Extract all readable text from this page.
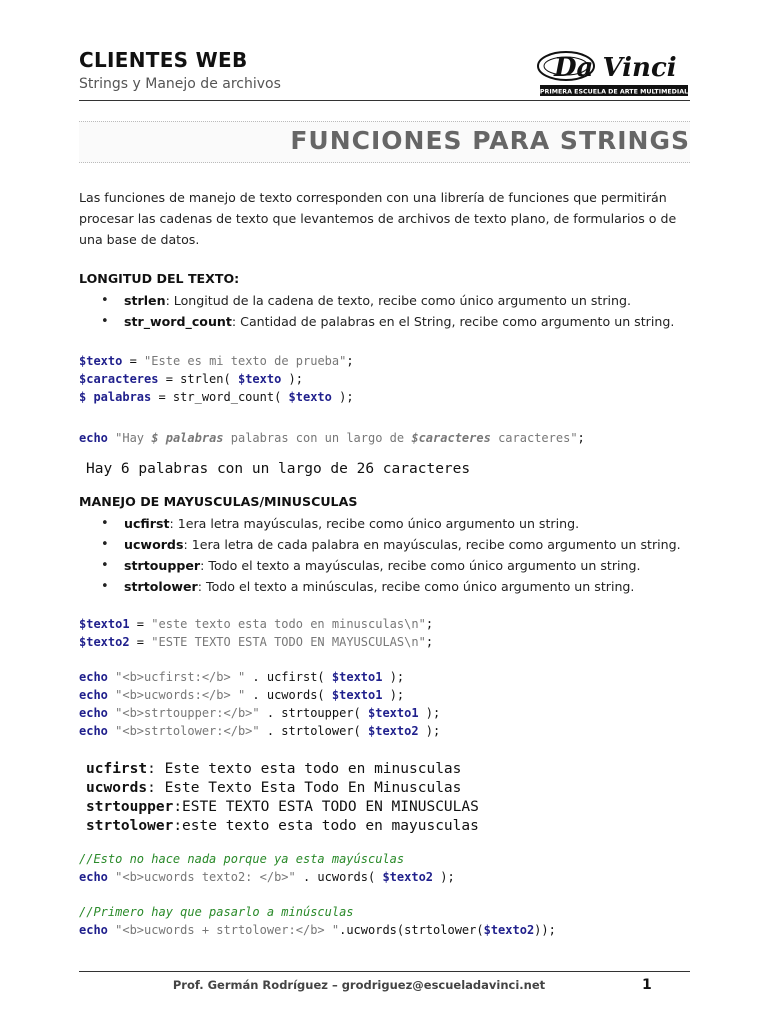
CLIENTES WEB
Strings y Manejo de archivos
Da Vinci
PRIMERA ESCUELA DE ARTE MULTIMEDIAL
FUNCIONES PARA STRINGS
Las funciones de manejo de texto corresponden con una librería de funciones que permitirán
procesar las cadenas de texto que levantemos de archivos de texto plano, de formularios o de
una base de datos.
LONGITUD DEL TEXTO:
• strlen: Longitud de la cadena de texto, recibe como único argumento un string.
• str_word_count: Cantidad de palabras en el String, recibe como argumento un string.
$texto = "Este es mi texto de prueba";
$caracteres = strlen( $texto );
$ palabras = str_word_count( $texto );
echo "Hay $ palabras palabras con un largo de $caracteres caracteres";
Hay 6 palabras con un largo de 26 caracteres
MANEJO DE MAYUSCULAS/MINUSCULAS
• ucfirst: 1era letra mayúsculas, recibe como único argumento un string.
• ucwords: 1era letra de cada palabra en mayúsculas, recibe como argumento un string.
• strtoupper: Todo el texto a mayúsculas, recibe como único argumento un string.
• strtolower: Todo el texto a minúsculas, recibe como único argumento un string.
$texto1 = "este texto esta todo en minusculas\n";
$texto2 = "ESTE TEXTO ESTA TODO EN MAYUSCULAS\n";
echo "<b>ucfirst:</b> " . ucfirst( $texto1 );
echo "<b>ucwords:</b> " . ucwords( $texto1 );
echo "<b>strtoupper:</b>" . strtoupper( $texto1 );
echo "<b>strtolower:</b>" . strtolower( $texto2 );
ucfirst: Este texto esta todo en minusculas
ucwords: Este Texto Esta Todo En Minusculas
strtoupper:ESTE TEXTO ESTA TODO EN MINUSCULAS
strtolower:este texto esta todo en mayusculas
//Esto no hace nada porque ya esta mayúsculas
echo "<b>ucwords texto2: </b>" . ucwords( $texto2 );
//Primero hay que pasarlo a minúsculas
echo "<b>ucwords + strtolower:</b> ".ucwords(strtolower($texto2));
Prof. Germán Rodríguez – grodriguez@escueladavinci.net	1
